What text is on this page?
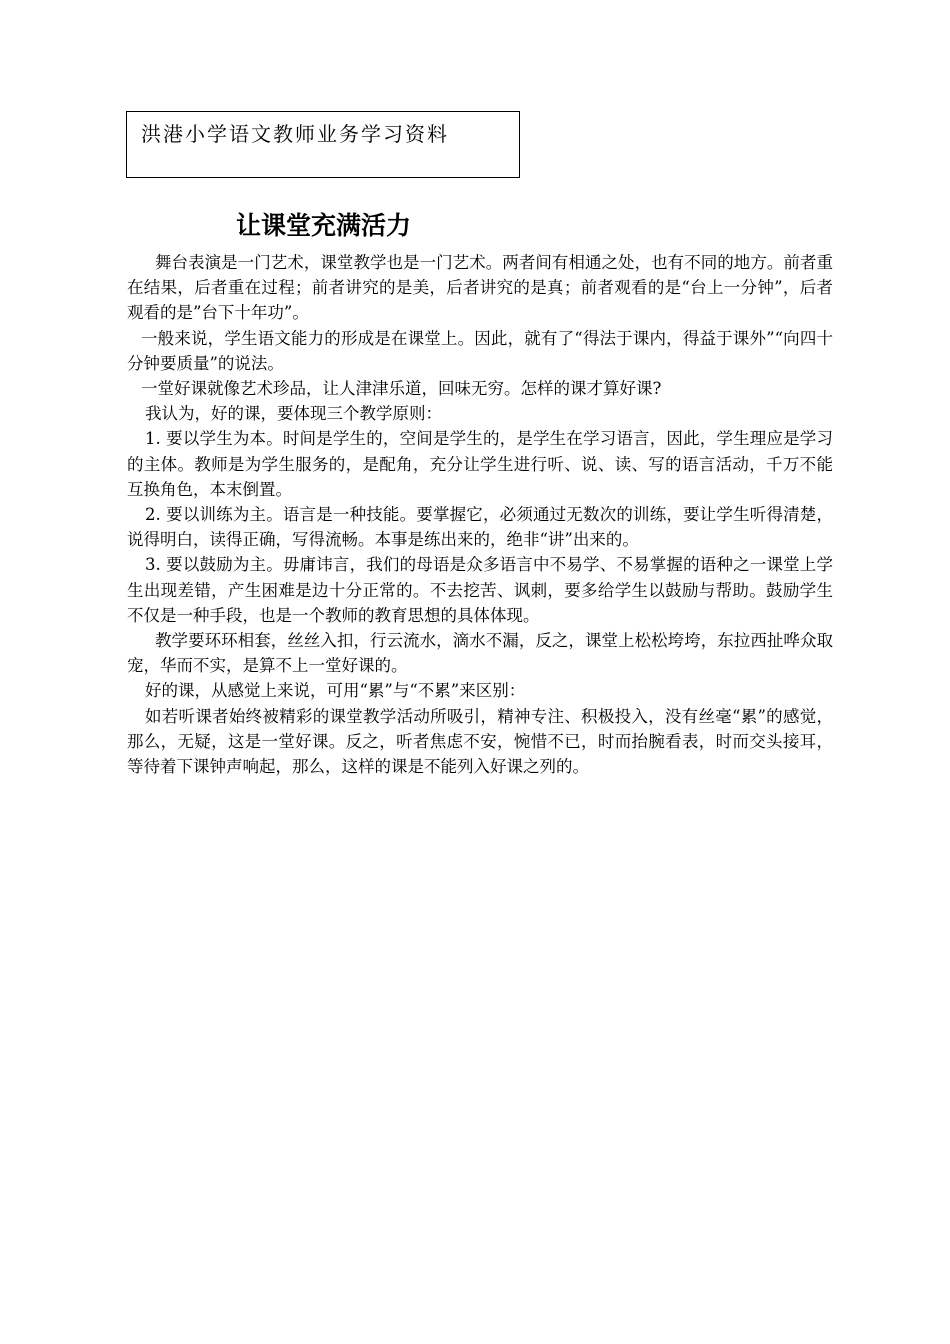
洪港小学语文教师业务学习资料
让课堂充满活力

舞台表演是一门艺术，课堂教学也是一门艺术。两者间有相通之处，也有不同的地方。前者重在结果，后者重在过程；前者讲究的是美，后者讲究的是真；前者观看的是“台上一分钟”，后者观看的是”台下十年功”。

一般来说，学生语文能力的形成是在课堂上。因此，就有了“得法于课内，得益于课外”“向四十分钟要质量”的说法。

一堂好课就像艺术珍品，让人津津乐道，回味无穷。怎样的课才算好课?

我认为，好的课，要体现三个教学原则：

1. 要以学生为本。时间是学生的，空间是学生的，是学生在学习语言，因此，学生理应是学习的主体。教师是为学生服务的，是配角，充分让学生进行听、说、读、写的语言活动，千万不能互换角色，本末倒置。

2. 要以训练为主。语言是一种技能。要掌握它，必须通过无数次的训练，要让学生听得清楚，说得明白，读得正确，写得流畅。本事是练出来的，绝非“讲”出来的。

3. 要以鼓励为主。毋庸讳言，我们的母语是众多语言中不易学、不易掌握的语种之一课堂上学生出现差错，产生困难是边十分正常的。不去挖苦、讽刺，要多给学生以鼓励与帮助。鼓励学生不仅是一种手段，也是一个教师的教育思想的具体体现。

教学要环环相套，丝丝入扣，行云流水，滴水不漏，反之，课堂上松松垮垮，东拉西扯哗众取宠，华而不实，是算不上一堂好课的。

好的课，从感觉上来说，可用“累”与“不累”来区别：

如若听课者始终被精彩的课堂教学活动所吸引，精神专注、积极投入，没有丝毫“累”的感觉，那么，无疑，这是一堂好课。反之，听者焦虑不安，惋惜不已，时而抬腕看表，时而交头接耳，等待着下课钟声响起，那么，这样的课是不能列入好课之列的。
